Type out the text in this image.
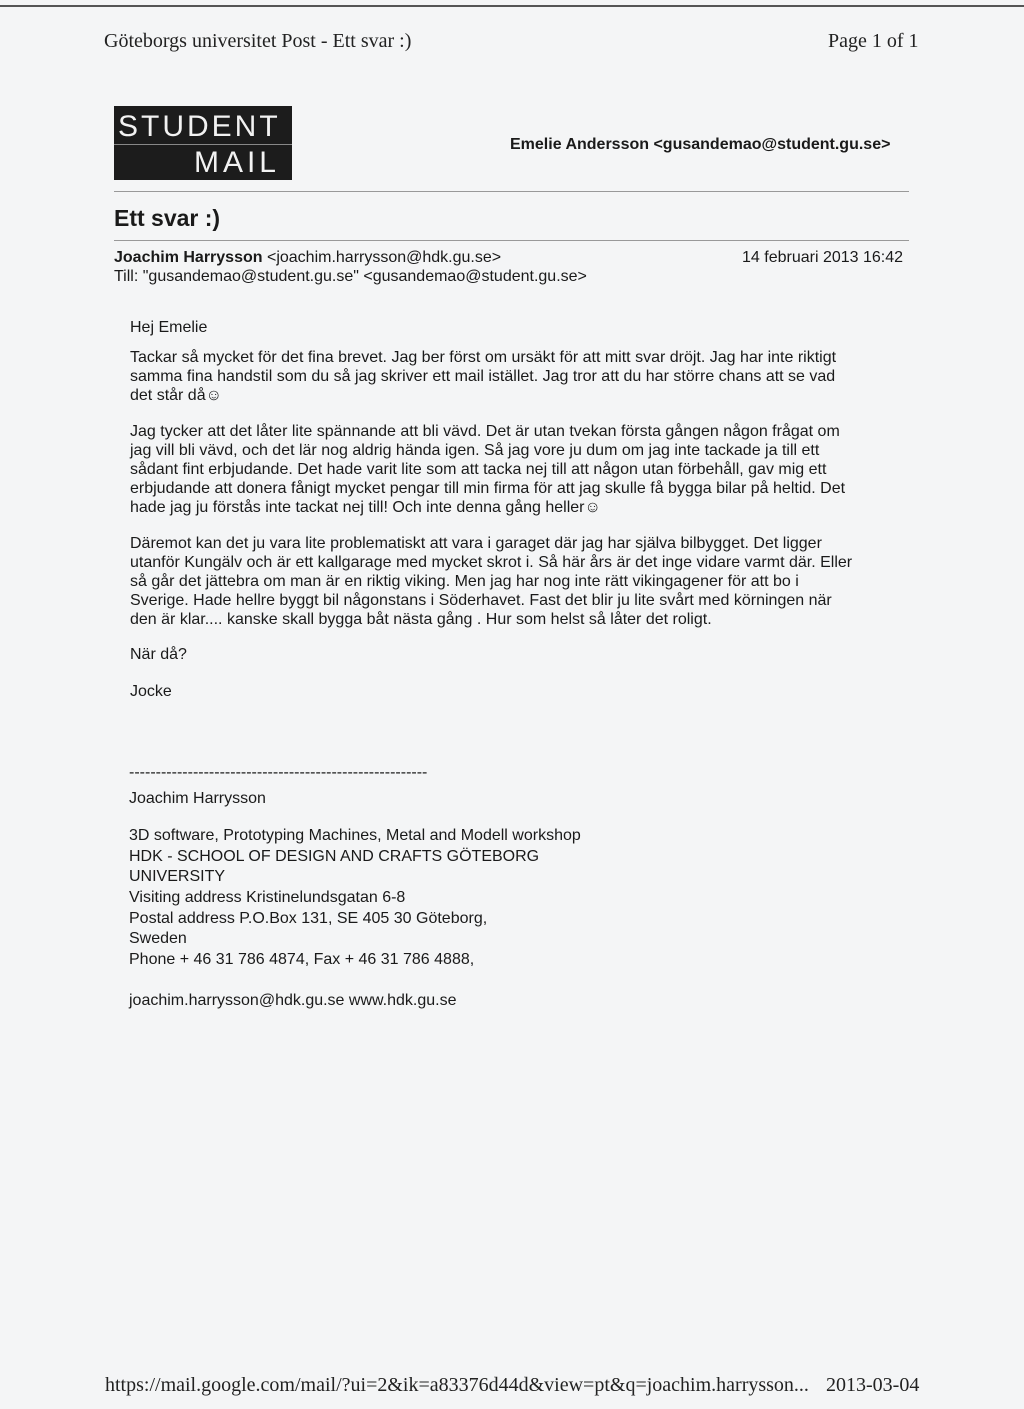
Göteborgs universitet Post - Ett svar :)	Page 1 of 1
STUDENT
MAIL
Emelie Andersson <gusandemao@student.gu.se>
Ett svar :)
Joachim Harrysson <joachim.harrysson@hdk.gu.se>
Till: "gusandemao@student.gu.se" <gusandemao@student.gu.se>
14 februari 2013 16:42

Hej Emelie

Tackar så mycket för det fina brevet. Jag ber först om ursäkt för att mitt svar dröjt. Jag har inte riktigt
samma fina handstil som du så jag skriver ett mail istället. Jag tror att du har större chans att se vad
det står då☺

Jag tycker att det låter lite spännande att bli vävd. Det är utan tvekan första gången någon frågat om
jag vill bli vävd, och det lär nog aldrig hända igen. Så jag vore ju dum om jag inte tackade ja till ett
sådant fint erbjudande. Det hade varit lite som att tacka nej till att någon utan förbehåll, gav mig ett
erbjudande att donera fånigt mycket pengar till min firma för att jag skulle få bygga bilar på heltid. Det
hade jag ju förstås inte tackat nej till! Och inte denna gång heller☺

Däremot kan det ju vara lite problematiskt att vara i garaget där jag har själva bilbygget. Det ligger
utanför Kungälv och är ett kallgarage med mycket skrot i. Så här års är det inge vidare varmt där. Eller
så går det jättebra om man är en riktig viking. Men jag har nog inte rätt vikingagener för att bo i
Sverige. Hade hellre byggt bil någonstans i Söderhavet. Fast det blir ju lite svårt med körningen när
den är klar.... kanske skall bygga båt nästa gång . Hur som helst så låter det roligt.

När då?

Jocke

--------------------------------------------------------

Joachim Harrysson

3D software, Prototyping Machines, Metal and Modell workshop
HDK - SCHOOL OF DESIGN AND CRAFTS GÖTEBORG
UNIVERSITY
Visiting address Kristinelundsgatan 6-8
Postal address P.O.Box 131, SE 405 30 Göteborg,
Sweden
Phone + 46 31 786 4874, Fax + 46 31 786 4888,

joachim.harrysson@hdk.gu.se www.hdk.gu.se

https://mail.google.com/mail/?ui=2&ik=a83376d44d&view=pt&q=joachim.harrysson... 2013-03-04
